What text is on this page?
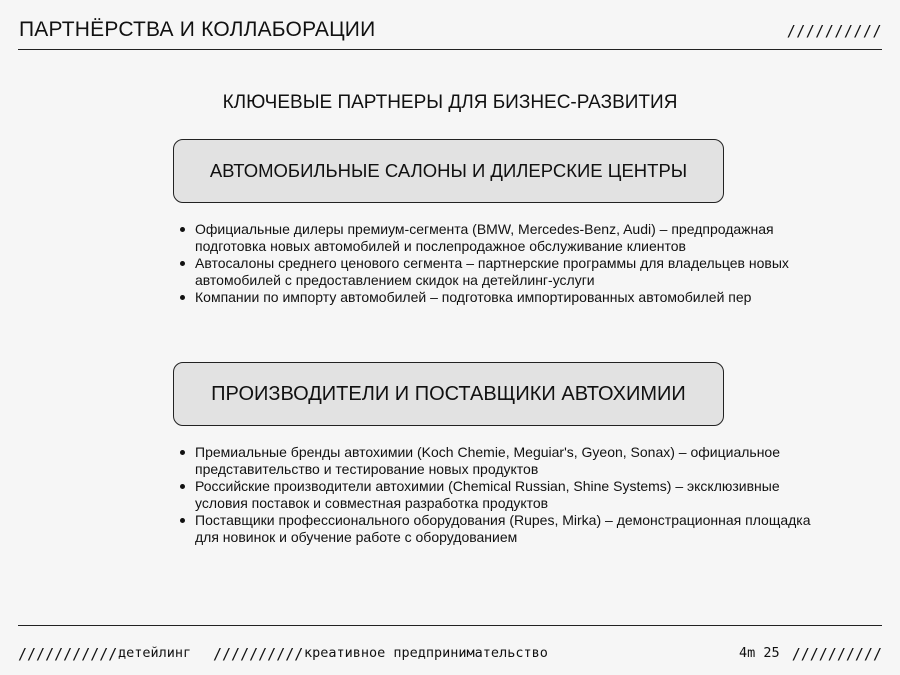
ПАРТНЁРСТВА И КОЛЛАБОРАЦИИ	//////////
КЛЮЧЕВЫЕ ПАРТНЕРЫ ДЛЯ БИЗНЕС-РАЗВИТИЯ
АВТОМОБИЛЬНЫЕ САЛОНЫ И ДИЛЕРСКИЕ ЦЕНТРЫ
Официальные дилеры премиум-сегмента (BMW, Mercedes-Benz, Audi) – предпродажная подготовка новых автомобилей и послепродажное обслуживание клиентов
Автосалоны среднего ценового сегмента – партнерские программы для владельцев новых автомобилей с предоставлением скидок на детейлинг-услуги
Компании по импорту автомобилей – подготовка импортированных автомобилей пер
ПРОИЗВОДИТЕЛИ И ПОСТАВЩИКИ АВТОХИМИИ
Премиальные бренды автохимии (Koch Chemie, Meguiar's, Gyeon, Sonax) – официальное представительство и тестирование новых продуктов
Российские производители автохимии (Chemical Russian, Shine Systems) – эксклюзивные условия поставок и совместная разработка продуктов
Поставщики профессионального оборудования (Rupes, Mirka) – демонстрационная площадка для новинок и обучение работе с оборудованием
/////////// детейлинг ////////// креативное предпринимательство	4m 25 //////////
